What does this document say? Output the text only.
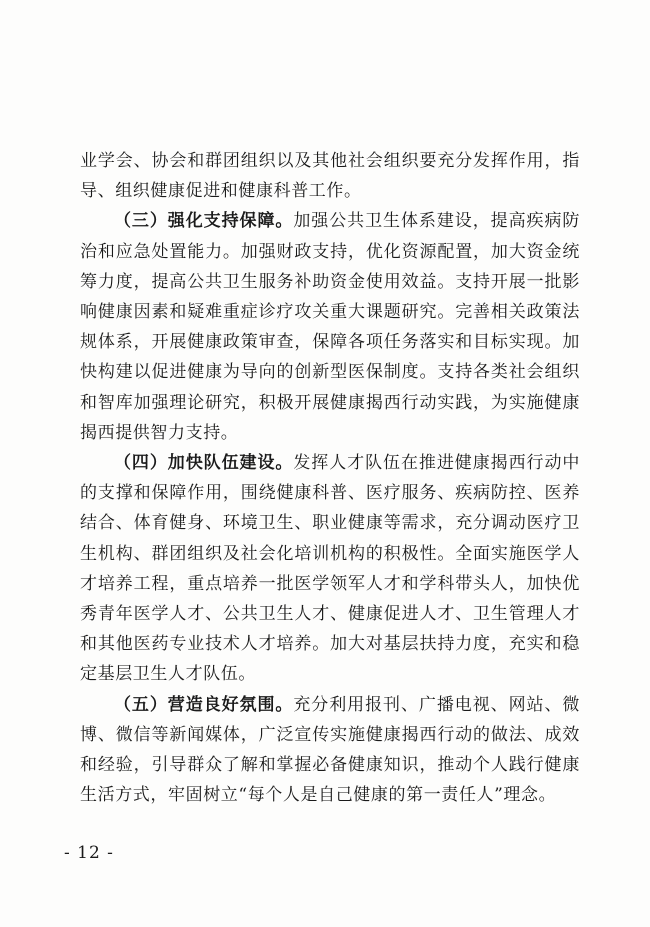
业学会、协会和群团组织以及其他社会组织要充分发挥作用，指导、组织健康促进和健康科普工作。

（三）强化支持保障。加强公共卫生体系建设，提高疾病防治和应急处置能力。加强财政支持，优化资源配置，加大资金统筹力度，提高公共卫生服务补助资金使用效益。支持开展一批影响健康因素和疑难重症诊疗攻关重大课题研究。完善相关政策法规体系，开展健康政策审查，保障各项任务落实和目标实现。加快构建以促进健康为导向的创新型医保制度。支持各类社会组织和智库加强理论研究，积极开展健康揭西行动实践，为实施健康揭西提供智力支持。

（四）加快队伍建设。发挥人才队伍在推进健康揭西行动中的支撑和保障作用，围绕健康科普、医疗服务、疾病防控、医养结合、体育健身、环境卫生、职业健康等需求，充分调动医疗卫生机构、群团组织及社会化培训机构的积极性。全面实施医学人才培养工程，重点培养一批医学领军人才和学科带头人，加快优秀青年医学人才、公共卫生人才、健康促进人才、卫生管理人才和其他医药专业技术人才培养。加大对基层扶持力度，充实和稳定基层卫生人才队伍。

（五）营造良好氛围。充分利用报刊、广播电视、网站、微博、微信等新闻媒体，广泛宣传实施健康揭西行动的做法、成效和经验，引导群众了解和掌握必备健康知识，推动个人践行健康生活方式，牢固树立“每个人是自己健康的第一责任人”理念。

- 12 -
